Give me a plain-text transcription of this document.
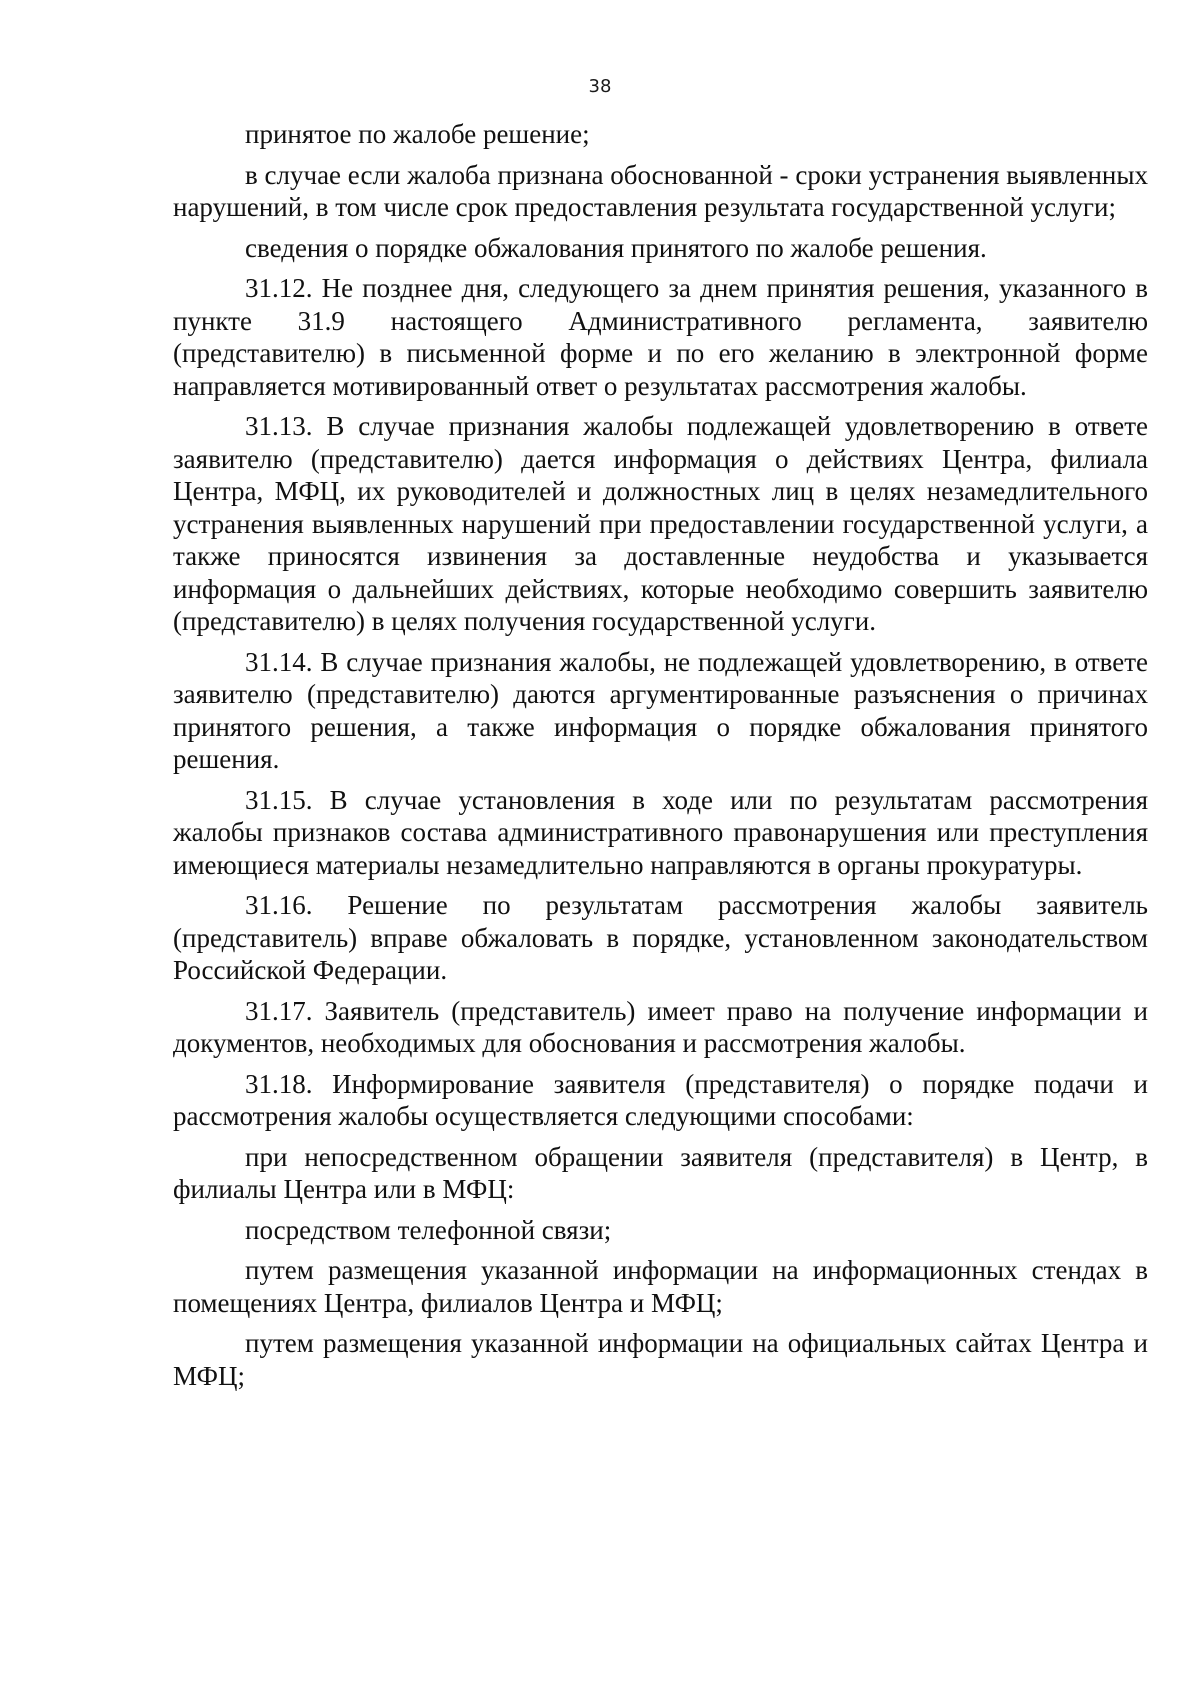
38

принятое по жалобе решение;

в случае если жалоба признана обоснованной - сроки устранения выявленных нарушений, в том числе срок предоставления результата государственной услуги;

сведения о порядке обжалования принятого по жалобе решения.

31.12. Не позднее дня, следующего за днем принятия решения, указанного в пункте 31.9 настоящего Административного регламента, заявителю (представителю) в письменной форме и по его желанию в электронной форме направляется мотивированный ответ о результатах рассмотрения жалобы.

31.13. В случае признания жалобы подлежащей удовлетворению в ответе заявителю (представителю) дается информация о действиях Центра, филиала Центра, МФЦ, их руководителей и должностных лиц в целях незамедлительного устранения выявленных нарушений при предоставлении государственной услуги, а также приносятся извинения за доставленные неудобства и указывается информация о дальнейших действиях, которые необходимо совершить заявителю (представителю) в целях получения государственной услуги.

31.14. В случае признания жалобы, не подлежащей удовлетворению, в ответе заявителю (представителю) даются аргументированные разъяснения о причинах принятого решения, а также информация о порядке обжалования принятого решения.

31.15. В случае установления в ходе или по результатам рассмотрения жалобы признаков состава административного правонарушения или преступления имеющиеся материалы незамедлительно направляются в органы прокуратуры.

31.16. Решение по результатам рассмотрения жалобы заявитель (представитель) вправе обжаловать в порядке, установленном законодательством Российской Федерации.

31.17. Заявитель (представитель) имеет право на получение информации и документов, необходимых для обоснования и рассмотрения жалобы.

31.18. Информирование заявителя (представителя) о порядке подачи и рассмотрения жалобы осуществляется следующими способами:

при непосредственном обращении заявителя (представителя) в Центр, в филиалы Центра или в МФЦ:

посредством телефонной связи;

путем размещения указанной информации на информационных стендах в помещениях Центра, филиалов Центра и МФЦ;

путем размещения указанной информации на официальных сайтах Центра и МФЦ;
